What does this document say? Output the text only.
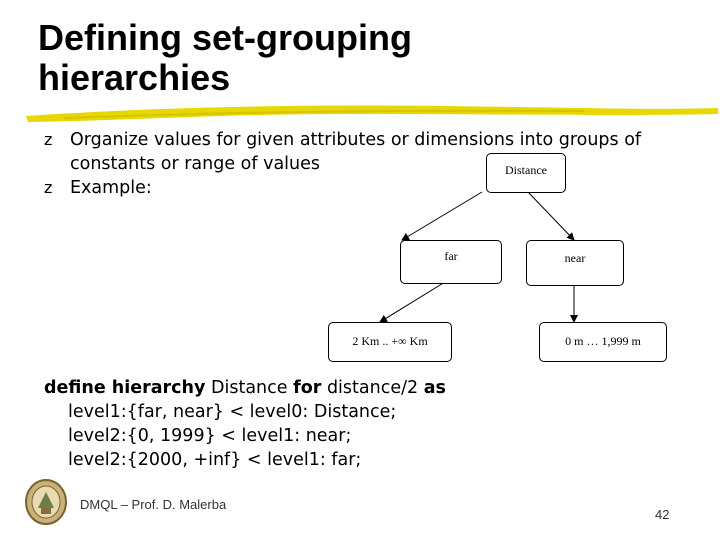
Defining set-grouping
hierarchies
z Organize values for given attributes or dimensions into groups of
constants or range of values
z Example:
Distance
far	near
2 Km .. +∞ Km	0 m … 1,999 m
define hierarchy Distance for distance/2 as
level1:{far, near} < level0: Distance;
level2:{0, 1999} < level1: near;
level2:{2000, +inf} < level1: far;
DMQL – Prof. D. Malerba
42
